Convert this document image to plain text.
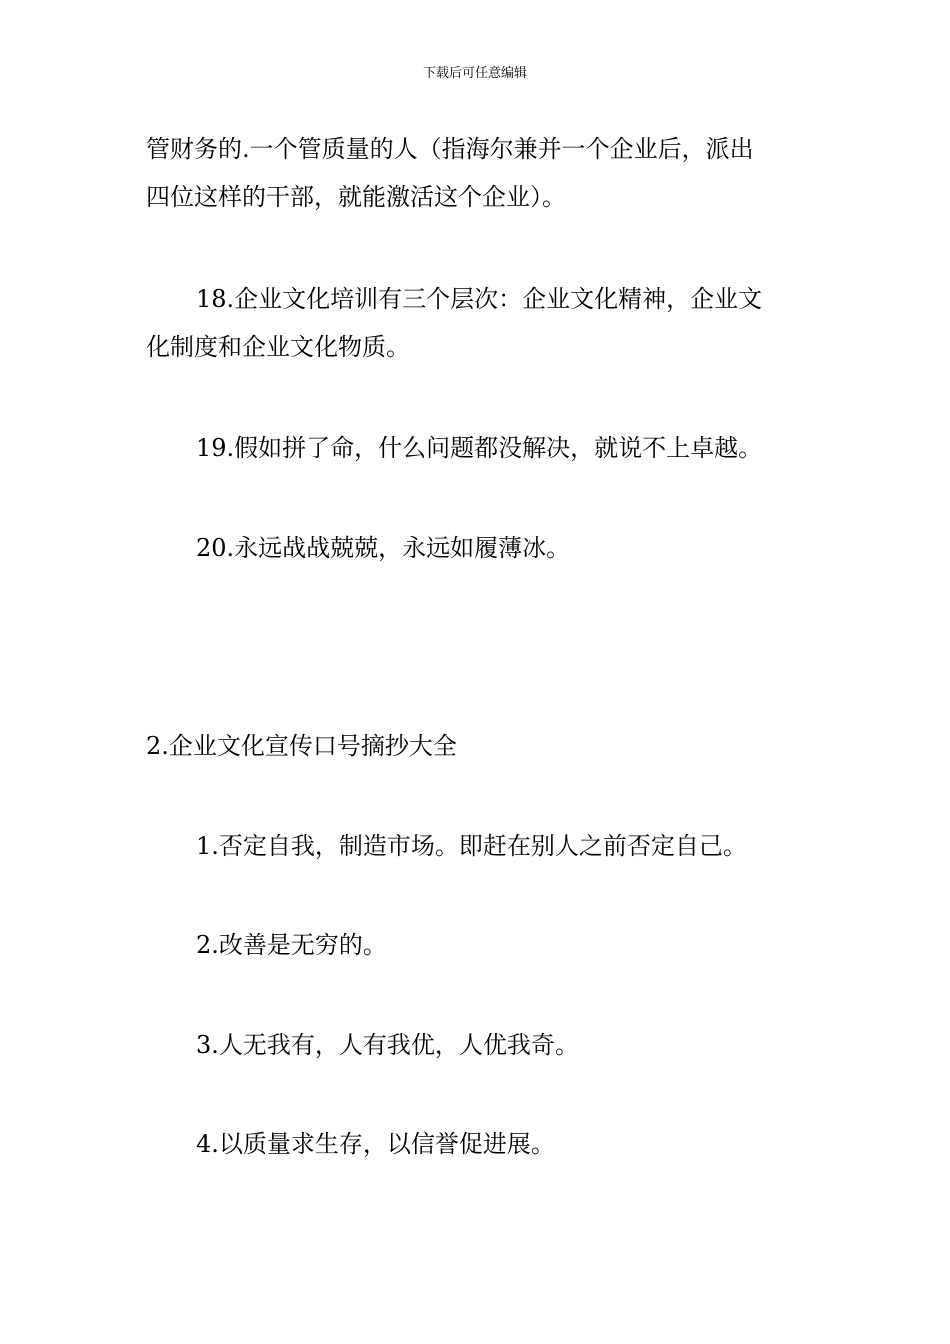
下载后可任意编辑

管财务的.一个管质量的人（指海尔兼并一个企业后，派出
四位这样的干部，就能激活这个企业）。

18.企业文化培训有三个层次：企业文化精神，企业文
化制度和企业文化物质。

19.假如拼了命，什么问题都没解决，就说不上卓越。

20.永远战战兢兢，永远如履薄冰。

2.企业文化宣传口号摘抄大全

1.否定自我，制造市场。即赶在别人之前否定自己。

2.改善是无穷的。

3.人无我有，人有我优，人优我奇。

4.以质量求生存，以信誉促进展。
